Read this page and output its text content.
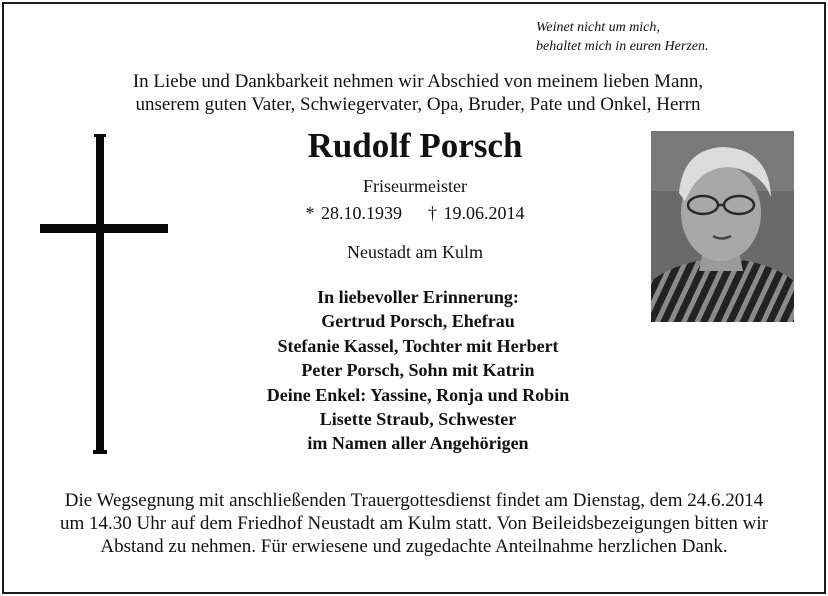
Weinet nicht um mich,
behaltet mich in euren Herzen.
In Liebe und Dankbarkeit nehmen wir Abschied von meinem lieben Mann,
unserem guten Vater, Schwiegervater, Opa, Bruder, Pate und Onkel, Herrn
Rudolf Porsch
Friseurmeister
* 28.10.1939 † 19.06.2014
Neustadt am Kulm
In liebevoller Erinnerung:
Gertrud Porsch, Ehefrau
Stefanie Kassel, Tochter mit Herbert
Peter Porsch, Sohn mit Katrin
Deine Enkel: Yassine, Ronja und Robin
Lisette Straub, Schwester
im Namen aller Angehörigen
Die Wegsegnung mit anschließenden Trauergottesdienst findet am Dienstag, dem 24.6.2014
um 14.30 Uhr auf dem Friedhof Neustadt am Kulm statt. Von Beileidsbezeigungen bitten wir
Abstand zu nehmen. Für erwiesene und zugedachte Anteilnahme herzlichen Dank.
